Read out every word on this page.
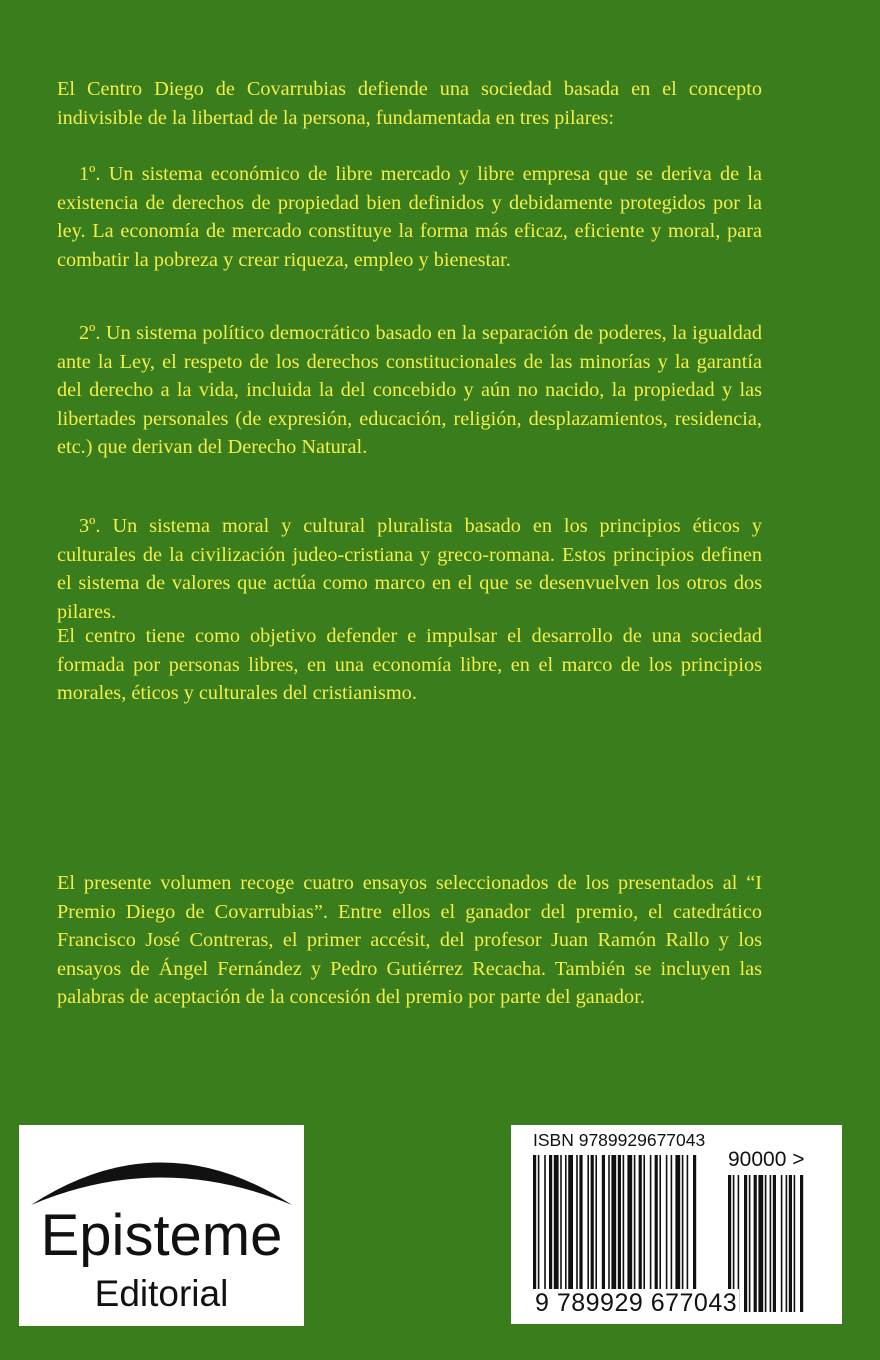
El Centro Diego de Covarrubias defiende una sociedad basada en el concepto indivisible de la libertad de la persona, fundamentada en tres pilares:

1º. Un sistema económico de libre mercado y libre empresa que se deriva de la existencia de derechos de propiedad bien definidos y debidamente protegidos por la ley. La economía de mercado constituye la forma más eficaz, eficiente y moral, para combatir la pobreza y crear riqueza, empleo y bienestar.

2º. Un sistema político democrático basado en la separación de poderes, la igualdad ante la Ley, el respeto de los derechos constitucionales de las minorías y la garantía del derecho a la vida, incluida la del concebido y aún no nacido, la propiedad y las libertades personales (de expresión, educación, religión, desplazamientos, residencia, etc.) que derivan del Derecho Natural.

3º. Un sistema moral y cultural pluralista basado en los principios éticos y culturales de la civilización judeo-cristiana y greco-romana. Estos principios definen el sistema de valores que actúa como marco en el que se desenvuelven los otros dos pilares.

El centro tiene como objetivo defender e impulsar el desarrollo de una sociedad formada por personas libres, en una economía libre, en el marco de los principios morales, éticos y culturales del cristianismo.

El presente volumen recoge cuatro ensayos seleccionados de los presentados al “I Premio Diego de Covarrubias”. Entre ellos el ganador del premio, el catedrático Francisco José Contreras, el primer accésit, del profesor Juan Ramón Rallo y los ensayos de Ángel Fernández y Pedro Gutiérrez Recacha. También se incluyen las palabras de aceptación de la concesión del premio por parte del ganador.

Episteme
Editorial
ISBN 9789929677043
90000 >
9 789929 677043
